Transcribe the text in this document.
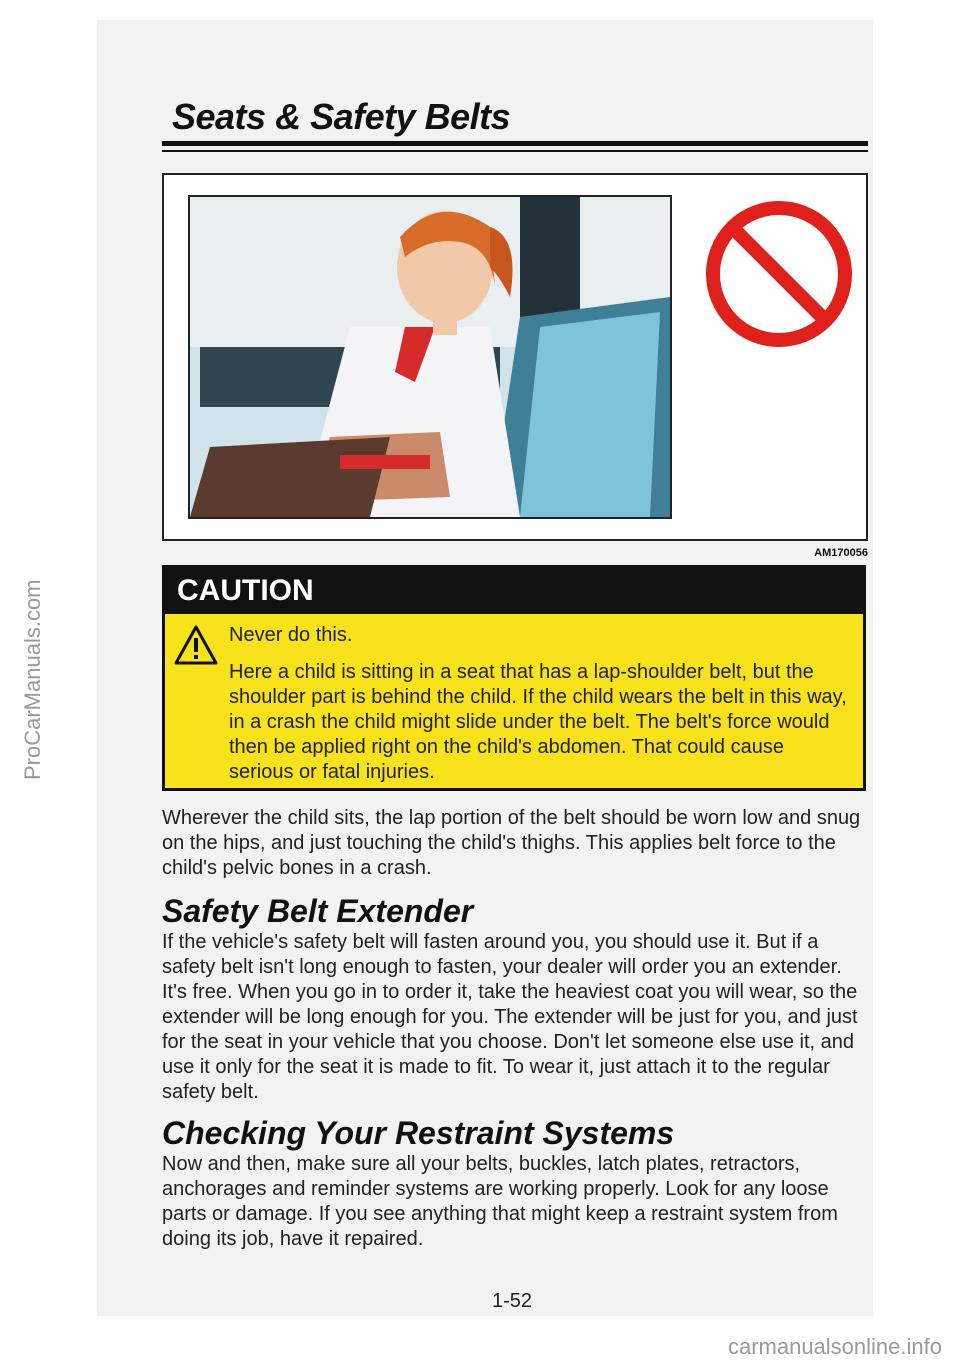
ProCarManuals.com
Seats & Safety Belts
AM170056
CAUTION

Never do this.

Here a child is sitting in a seat that has a lap-shoulder belt, but the shoulder part is behind the child. If the child wears the belt in this way, in a crash the child might slide under the belt. The belt's force would then be applied right on the child's abdomen. That could cause serious or fatal injuries.

Wherever the child sits, the lap portion of the belt should be worn low and snug on the hips, and just touching the child's thighs. This applies belt force to the child's pelvic bones in a crash.

Safety Belt Extender

If the vehicle's safety belt will fasten around you, you should use it. But if a safety belt isn't long enough to fasten, your dealer will order you an extender. It's free. When you go in to order it, take the heaviest coat you will wear, so the extender will be long enough for you. The extender will be just for you, and just for the seat in your vehicle that you choose. Don't let someone else use it, and use it only for the seat it is made to fit. To wear it, just attach it to the regular safety belt.

Checking Your Restraint Systems

Now and then, make sure all your belts, buckles, latch plates, retractors, anchorages and reminder systems are working properly. Look for any loose parts or damage. If you see anything that might keep a restraint system from doing its job, have it repaired.

1-52
carmanualsonline.info
